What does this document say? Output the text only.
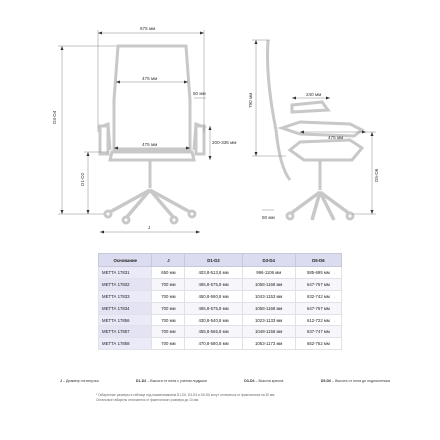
675 мм
475 мм
475 мм
50 мм
200-336 мм
D3-D4
D1-D2
J
790 мм	240 мм
475 мм
D5-D6
50 мм
Основание	J	D1-D2	D3-D4	D5-D6
МЕТТА 17831	650 мм	403,8-513,8 мм	996-1106 мм	585-695 мм
МЕТТА 17832	700 мм	465,8-575,8 мм	1058-1168 мм	647-757 мм
МЕТТА 17833	700 мм	450,8-560,8 мм	1043-1153 мм	632-742 мм
МЕТТА 17834	700 мм	465,8-575,8 мм	1058-1168 мм	647-757 мм
МЕТТА 17856	700 мм	430,8-540,8 мм	1023-1133 мм	612-722 мм
МЕТТА 17857	700 мм	455,8-565,8 мм	1048-1158 мм	637-747 мм
МЕТТА 17858	700 мм	470,8-580,8 мм	1063-1173 мм	652-762 мм
J – Диаметр пятилучья	D1-D2 – Высота от пола с учетом подушки	D3-D4 – Высота кресла	D5-D6 – Высота от пола до подлокотника
* Габаритные размеры в таблице под наименованием D1-D2, D3-D4 и D5-D6 могут отличаться от фактических на 30 мм.
Остальные габариты отличаются от фактического размера до 10 мм.
